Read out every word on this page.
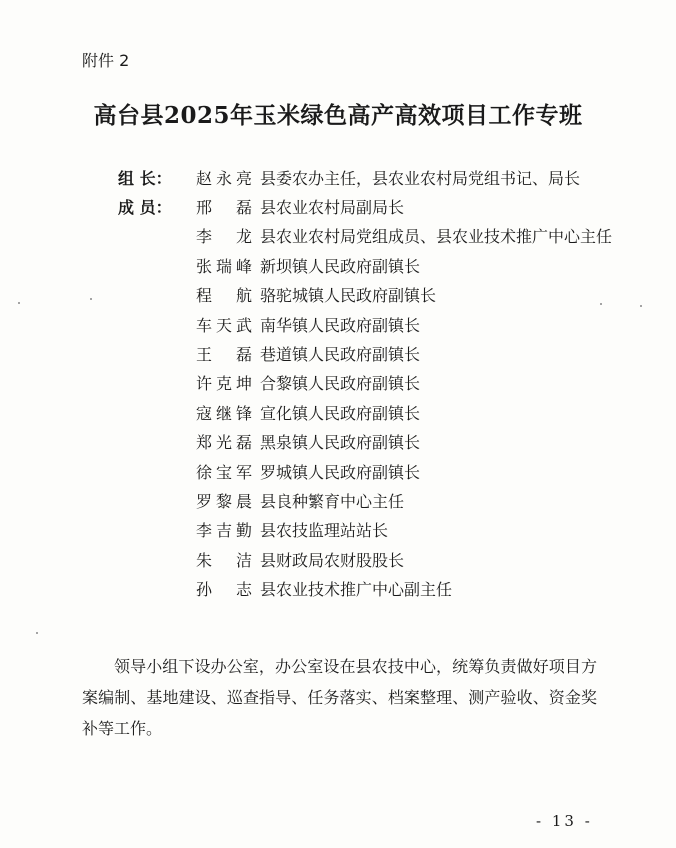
附件 2
高台县2025年玉米绿色高产高效项目工作专班
组 长：	赵永亮 县委农办主任，县农业农村局党组书记、局长
成 员：	邢 磊 县农业农村局副局长
李 龙 县农业农村局党组成员、县农业技术推广中心主任
张瑞峰 新坝镇人民政府副镇长
程 航 骆驼城镇人民政府副镇长
车天武 南华镇人民政府副镇长
王 磊 巷道镇人民政府副镇长
许克坤 合黎镇人民政府副镇长
寇继锋 宣化镇人民政府副镇长
郑光磊 黑泉镇人民政府副镇长
徐宝军 罗城镇人民政府副镇长
罗黎晨 县良种繁育中心主任
李吉勤 县农技监理站站长
朱 洁 县财政局农财股股长
孙 志 县农业技术推广中心副主任
领导小组下设办公室，办公室设在县农技中心，统筹负责做好项目方案编制、基地建设、巡查指导、任务落实、档案整理、测产验收、资金奖补等工作。
- 13 -
